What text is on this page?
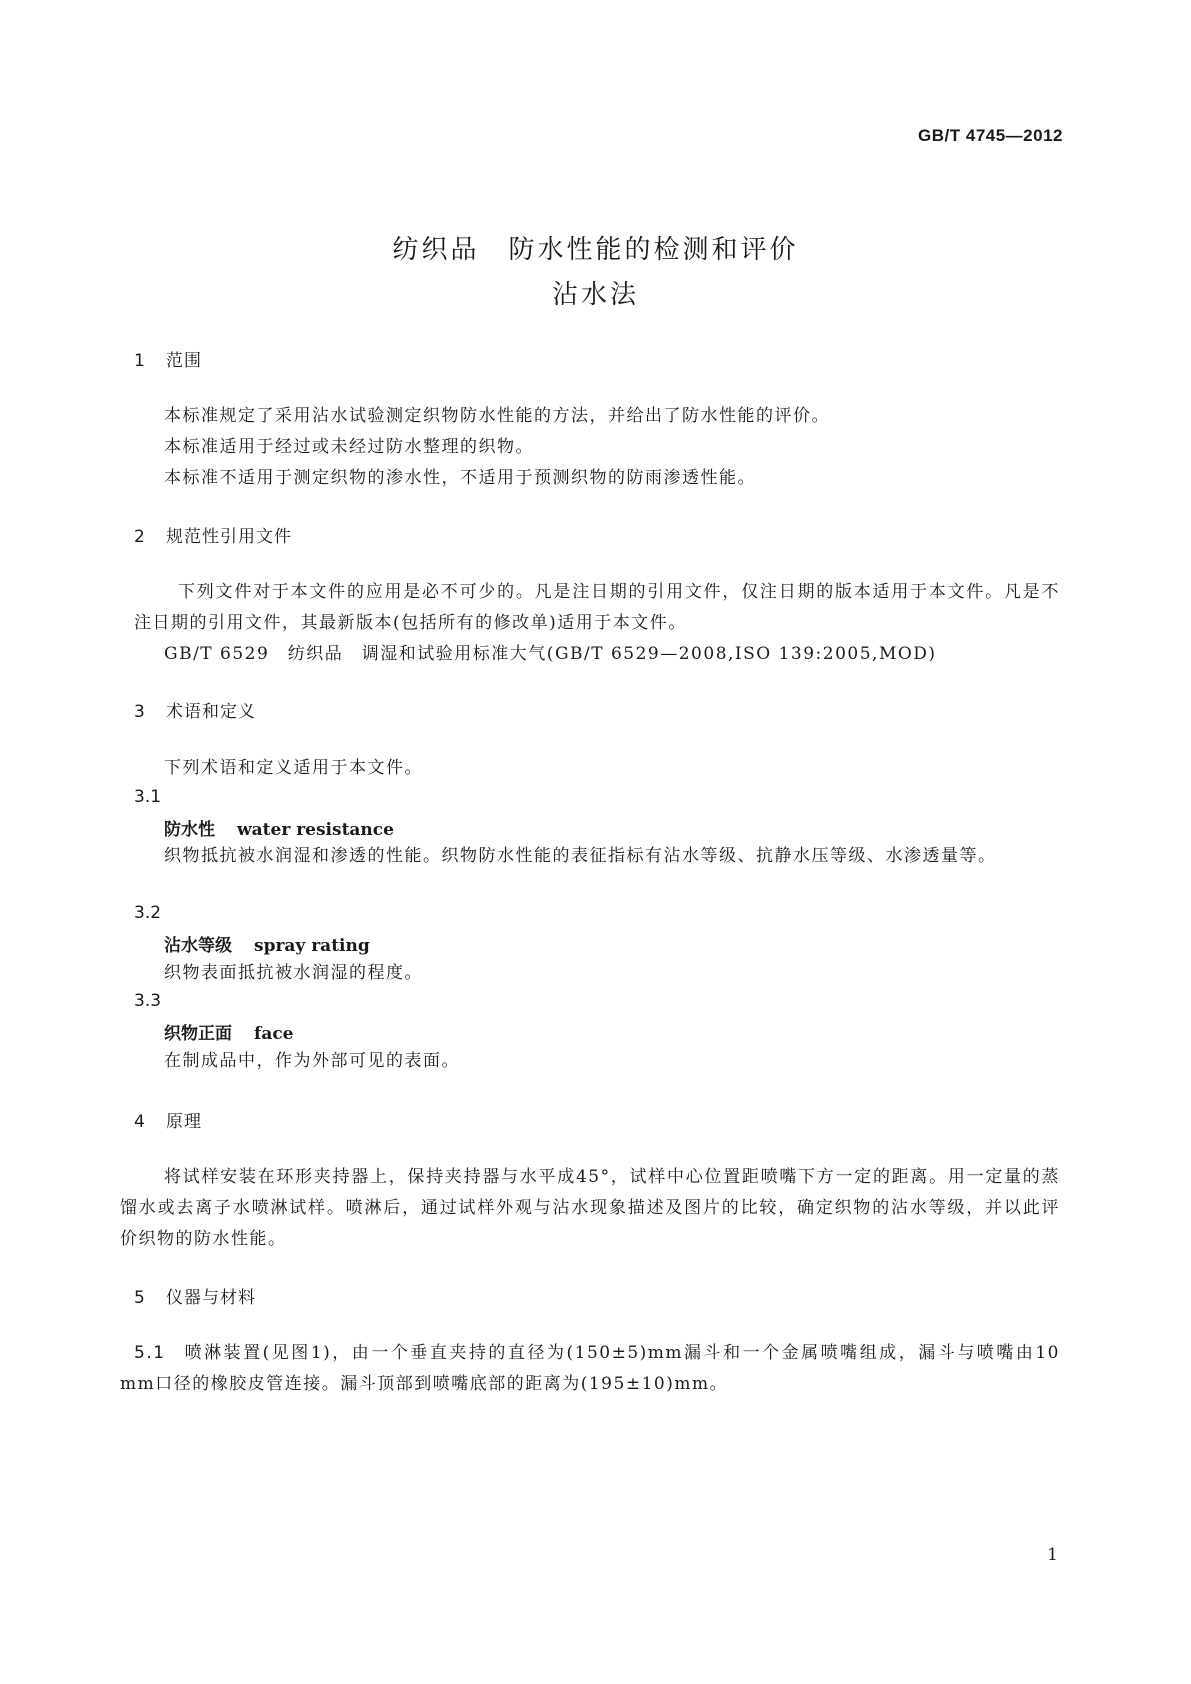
GB/T 4745—2012
纺织品　防水性能的检测和评价
沾水法
1 范围
本标准规定了采用沾水试验测定织物防水性能的方法，并给出了防水性能的评价。
本标准适用于经过或未经过防水整理的织物。
本标准不适用于测定织物的渗水性，不适用于预测织物的防雨渗透性能。
2 规范性引用文件
下列文件对于本文件的应用是必不可少的。凡是注日期的引用文件，仅注日期的版本适用于本文件。凡是不注日期的引用文件，其最新版本(包括所有的修改单)适用于本文件。
GB/T 6529　纺织品　调湿和试验用标准大气(GB/T 6529—2008,ISO 139:2005,MOD)
3 术语和定义
下列术语和定义适用于本文件。
3.1
防水性 water resistance
织物抵抗被水润湿和渗透的性能。织物防水性能的表征指标有沾水等级、抗静水压等级、水渗透量等。
3.2
沾水等级 spray rating
织物表面抵抗被水润湿的程度。
3.3
织物正面 face
在制成品中，作为外部可见的表面。
4 原理
将试样安装在环形夹持器上，保持夹持器与水平成45°，试样中心位置距喷嘴下方一定的距离。用一定量的蒸馏水或去离子水喷淋试样。喷淋后，通过试样外观与沾水现象描述及图片的比较，确定织物的沾水等级，并以此评价织物的防水性能。
5 仪器与材料
5.1 喷淋装置(见图1)，由一个垂直夹持的直径为(150±5)mm漏斗和一个金属喷嘴组成，漏斗与喷嘴由10 mm口径的橡胶皮管连接。漏斗顶部到喷嘴底部的距离为(195±10)mm。
1
